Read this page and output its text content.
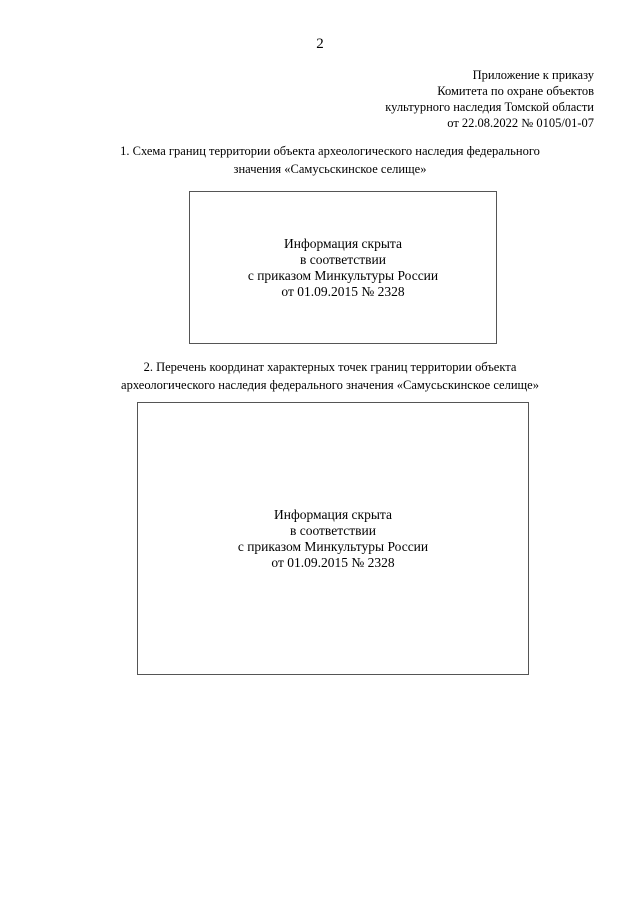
2
Приложение к приказу
Комитета по охране объектов
культурного наследия Томской области
от 22.08.2022 № 0105/01-07
1. Схема границ территории объекта археологического наследия федерального
значения «Самусьскинское селище»
Информация скрыта
в соответствии
с приказом Минкультуры России
от 01.09.2015 № 2328
2. Перечень координат характерных точек границ территории объекта
археологического наследия федерального значения «Самусьскинское селище»
Информация скрыта
в соответствии
с приказом Минкультуры России
от 01.09.2015 № 2328
